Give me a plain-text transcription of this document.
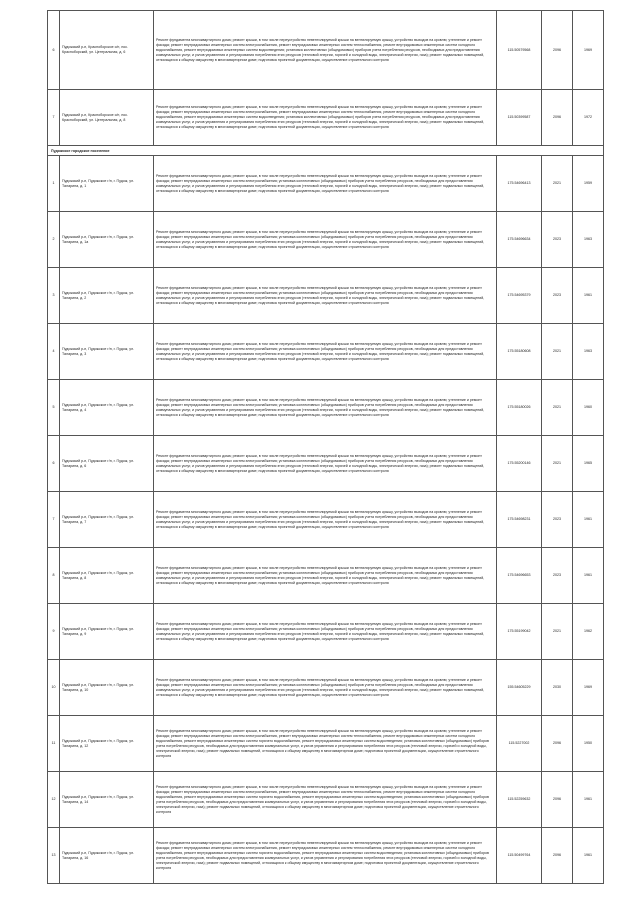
6	Пудожский р-н, Красноборское с/п, пос. Красноборский, ул. Центральная, д. 6	Ремонт фундамента многоквартирного дома; ремонт крыши, в том числе переустройство невентилируемой крыши на вентилируемую крышу, устройство выходов на кровлю; утепление и ремонт фасада; ремонт внутридомовых инженерных систем электроснабжения, ремонт внутридомовых инженерных систем теплоснабжения, ремонт внутридомовых инженерных систем холодного водоснабжения, ремонт внутридомовых инженерных систем водоотведения; установка коллективных (общедомовых) приборов учета потребления ресурсов, необходимых для предоставления коммунальных услуг, и узлов управления и регулирования потребления этих ресурсов (тепловой энергии, горячей и холодной воды, электрической энергии, газа); ремонт подвальных помещений, относящихся к общему имуществу в многоквартирном доме; подготовка проектной документации, осуществление строительного контроля	115.50579568	2096	1969
7	Пудожский р-н, Красноборское с/п, пос. Красноборский, ул. Центральная, д. 8	Ремонт фундамента многоквартирного дома; ремонт крыши, в том числе переустройство невентилируемой крыши на вентилируемую крышу, устройство выходов на кровлю; утепление и ремонт фасада; ремонт внутридомовых инженерных систем электроснабжения, ремонт внутридомовых инженерных систем теплоснабжения, ремонт внутридомовых инженерных систем холодного водоснабжения, ремонт внутридомовых инженерных систем водоотведения; установка коллективных (общедомовых) приборов учета потребления ресурсов, необходимых для предоставления коммунальных услуг, и узлов управления и регулирования потребления этих ресурсов (тепловой энергии, горячей и холодной воды, электрической энергии, газа); ремонт подвальных помещений, относящихся к общему имуществу в многоквартирном доме; подготовка проектной документации, осуществление строительного контроля	115.50399587	2096	1972
Пудожское городское поселение					
1	Пудожский р-н, Пудожское г/п, г. Пудож, ул. Таларина, д. 1	Ремонт фундамента многоквартирного дома; ремонт крыши, в том числе переустройство невентилируемой крыши на вентилируемую крышу, устройство выходов на кровлю; утепление и ремонт фасада; ремонт внутридомовых инженерных систем электроснабжения; установка коллективных (общедомовых) приборов учета потребления ресурсов, необходимых для предоставления коммунальных услуг, и узлов управления и регулирования потребления этих ресурсов (тепловой энергии, горячей и холодной воды, электрической энергии, газа); ремонт подвальных помещений, относящихся к общему имуществу в многоквартирном доме; подготовка проектной документации, осуществление строительного контроля	175.54696413	2021	1959
2	Пудожский р-н, Пудожское г/п, г. Пудож, ул. Таларина, д. 1а	Ремонт фундамента многоквартирного дома; ремонт крыши, в том числе переустройство невентилируемой крыши на вентилируемую крышу, устройство выходов на кровлю; утепление и ремонт фасада; ремонт внутридомовых инженерных систем электроснабжения; установка коллективных (общедомовых) приборов учета потребления ресурсов, необходимых для предоставления коммунальных услуг, и узлов управления и регулирования потребления этих ресурсов (тепловой энергии, горячей и холодной воды, электрической энергии, газа); ремонт подвальных помещений, относящихся к общему имуществу в многоквартирном доме; подготовка проектной документации, осуществление строительного контроля	175.54696634	2023	1963
3	Пудожский р-н, Пудожское г/п, г. Пудож, ул. Таларина, д. 2	Ремонт фундамента многоквартирного дома; ремонт крыши, в том числе переустройство невентилируемой крыши на вентилируемую крышу, устройство выходов на кровлю; утепление и ремонт фасада; ремонт внутридомовых инженерных систем электроснабжения; установка коллективных (общедомовых) приборов учета потребления ресурсов, необходимых для предоставления коммунальных услуг, и узлов управления и регулирования потребления этих ресурсов (тепловой энергии, горячей и холодной воды, электрической энергии, газа); ремонт подвальных помещений, относящихся к общему имуществу в многоквартирном доме; подготовка проектной документации, осуществление строительного контроля	175.54695379	2023	1961
4	Пудожский р-н, Пудожское г/п, г. Пудож, ул. Таларина, д. 3	Ремонт фундамента многоквартирного дома; ремонт крыши, в том числе переустройство невентилируемой крыши на вентилируемую крышу, устройство выходов на кровлю; утепление и ремонт фасада; ремонт внутридомовых инженерных систем электроснабжения; установка коллективных (общедомовых) приборов учета потребления ресурсов, необходимых для предоставления коммунальных услуг, и узлов управления и регулирования потребления этих ресурсов (тепловой энергии, горячей и холодной воды, электрической энергии, газа); ремонт подвальных помещений, относящихся к общему имуществу в многоквартирном доме; подготовка проектной документации, осуществление строительного контроля	175.55180608	2021	1963
5	Пудожский р-н, Пудожское г/п, г. Пудож, ул. Таларина, д. 4	Ремонт фундамента многоквартирного дома; ремонт крыши, в том числе переустройство невентилируемой крыши на вентилируемую крышу, устройство выходов на кровлю; утепление и ремонт фасада; ремонт внутридомовых инженерных систем электроснабжения; установка коллективных (общедомовых) приборов учета потребления ресурсов, необходимых для предоставления коммунальных услуг, и узлов управления и регулирования потребления этих ресурсов (тепловой энергии, горячей и холодной воды, электрической энергии, газа); ремонт подвальных помещений, относящихся к общему имуществу в многоквартирном доме; подготовка проектной документации, осуществление строительного контроля	175.55180026	2021	1960
6	Пудожский р-н, Пудожское г/п, г. Пудож, ул. Таларина, д. 6	Ремонт фундамента многоквартирного дома; ремонт крыши, в том числе переустройство невентилируемой крыши на вентилируемую крышу, устройство выходов на кровлю; утепление и ремонт фасада; ремонт внутридомовых инженерных систем электроснабжения; установка коллективных (общедомовых) приборов учета потребления ресурсов, необходимых для предоставления коммунальных услуг, и узлов управления и регулирования потребления этих ресурсов (тепловой энергии, горячей и холодной воды, электрической энергии, газа); ремонт подвальных помещений, относящихся к общему имуществу в многоквартирном доме; подготовка проектной документации, осуществление строительного контроля	175.55200146	2021	1965
7	Пудожский р-н, Пудожское г/п, г. Пудож, ул. Таларина, д. 7	Ремонт фундамента многоквартирного дома; ремонт крыши, в том числе переустройство невентилируемой крыши на вентилируемую крышу, устройство выходов на кровлю; утепление и ремонт фасада; ремонт внутридомовых инженерных систем электроснабжения; установка коллективных (общедомовых) приборов учета потребления ресурсов, необходимых для предоставления коммунальных услуг, и узлов управления и регулирования потребления этих ресурсов (тепловой энергии, горячей и холодной воды, электрической энергии, газа); ремонт подвальных помещений, относящихся к общему имуществу в многоквартирном доме; подготовка проектной документации, осуществление строительного контроля	175.54698231	2023	1961
8	Пудожский р-н, Пудожское г/п, г. Пудож, ул. Таларина, д. 8	Ремонт фундамента многоквартирного дома; ремонт крыши, в том числе переустройство невентилируемой крыши на вентилируемую крышу, устройство выходов на кровлю; утепление и ремонт фасада; ремонт внутридомовых инженерных систем электроснабжения; установка коллективных (общедомовых) приборов учета потребления ресурсов, необходимых для предоставления коммунальных услуг, и узлов управления и регулирования потребления этих ресурсов (тепловой энергии, горячей и холодной воды, электрической энергии, газа); ремонт подвальных помещений, относящихся к общему имуществу в многоквартирном доме; подготовка проектной документации, осуществление строительного контроля	175.54696653	2023	1961
9	Пудожский р-н, Пудожское г/п, г. Пудож, ул. Таларина, д. 9	Ремонт фундамента многоквартирного дома; ремонт крыши, в том числе переустройство невентилируемой крыши на вентилируемую крышу, устройство выходов на кровлю; утепление и ремонт фасада; ремонт внутридомовых инженерных систем электроснабжения; установка коллективных (общедомовых) приборов учета потребления ресурсов, необходимых для предоставления коммунальных услуг, и узлов управления и регулирования потребления этих ресурсов (тепловой энергии, горячей и холодной воды, электрической энергии, газа); ремонт подвальных помещений, относящихся к общему имуществу в многоквартирном доме; подготовка проектной документации, осуществление строительного контроля	175.55199042	2021	1962
10	Пудожский р-н, Пудожское г/п, г. Пудож, ул. Таларина, д. 10	Ремонт фундамента многоквартирного дома; ремонт крыши, в том числе переустройство невентилируемой крыши на вентилируемую крышу, устройство выходов на кровлю; утепление и ремонт фасада; ремонт внутридомовых инженерных систем электроснабжения; установка коллективных (общедомовых) приборов учета потребления ресурсов, необходимых для предоставления коммунальных услуг, и узлов управления и регулирования потребления этих ресурсов (тепловой энергии, горячей и холодной воды, электрической энергии, газа); ремонт подвальных помещений, относящихся к общему имуществу в многоквартирном доме; подготовка проектной документации, осуществление строительного контроля	155.54605229	2030	1969
11	Пудожский р-н, Пудожское г/п, г. Пудож, ул. Таларина, д. 12	Ремонт фундамента многоквартирного дома; ремонт крыши, в том числе переустройство невентилируемой крыши на вентилируемую крышу, устройство выходов на кровлю; утепление и ремонт фасада; ремонт внутридомовых инженерных систем электроснабжения, ремонт внутридомовых инженерных систем теплоснабжения, ремонт внутридомовых инженерных систем холодного водоснабжения, ремонт внутридомовых инженерных систем горячего водоснабжения, ремонт внутридомовых инженерных систем водоотведения; установка коллективных (общедомовых) приборов учета потребления ресурсов, необходимых для предоставления коммунальных услуг, и узлов управления и регулирования потребления этих ресурсов (тепловой энергии, горячей и холодной воды, электрической энергии, газа); ремонт подвальных помещений, относящихся к общему имуществу в многоквартирном доме; подготовка проектной документации, осуществление строительного контроля	115.5227002	2096	1950
12	Пудожский р-н, Пудожское г/п, г. Пудож, ул. Таларина, д. 14	Ремонт фундамента многоквартирного дома; ремонт крыши, в том числе переустройство невентилируемой крыши на вентилируемую крышу, устройство выходов на кровлю; утепление и ремонт фасада; ремонт внутридомовых инженерных систем электроснабжения, ремонт внутридомовых инженерных систем теплоснабжения, ремонт внутридомовых инженерных систем холодного водоснабжения, ремонт внутридомовых инженерных систем горячего водоснабжения, ремонт внутридомовых инженерных систем водоотведения; установка коллективных (общедомовых) приборов учета потребления ресурсов, необходимых для предоставления коммунальных услуг, и узлов управления и регулирования потребления этих ресурсов (тепловой энергии, горячей и холодной воды, электрической энергии, газа); ремонт подвальных помещений, относящихся к общему имуществу в многоквартирном доме; подготовка проектной документации, осуществление строительного контроля	115.52259632	2096	1961
13	Пудожский р-н, Пудожское г/п, г. Пудож, ул. Таларина, д. 16	Ремонт фундамента многоквартирного дома; ремонт крыши, в том числе переустройство невентилируемой крыши на вентилируемую крышу, устройство выходов на кровлю; утепление и ремонт фасада; ремонт внутридомовых инженерных систем электроснабжения, ремонт внутридомовых инженерных систем теплоснабжения, ремонт внутридомовых инженерных систем холодного водоснабжения, ремонт внутридомовых инженерных систем горячего водоснабжения, ремонт внутридомовых инженерных систем водоотведения; установка коллективных (общедомовых) приборов учета потребления ресурсов, необходимых для предоставления коммунальных услуг, и узлов управления и регулирования потребления этих ресурсов (тепловой энергии, горячей и холодной воды, электрической энергии, газа); ремонт подвальных помещений, относящихся к общему имуществу в многоквартирном доме; подготовка проектной документации, осуществление строительного контроля	115.50499764	2096	1961
